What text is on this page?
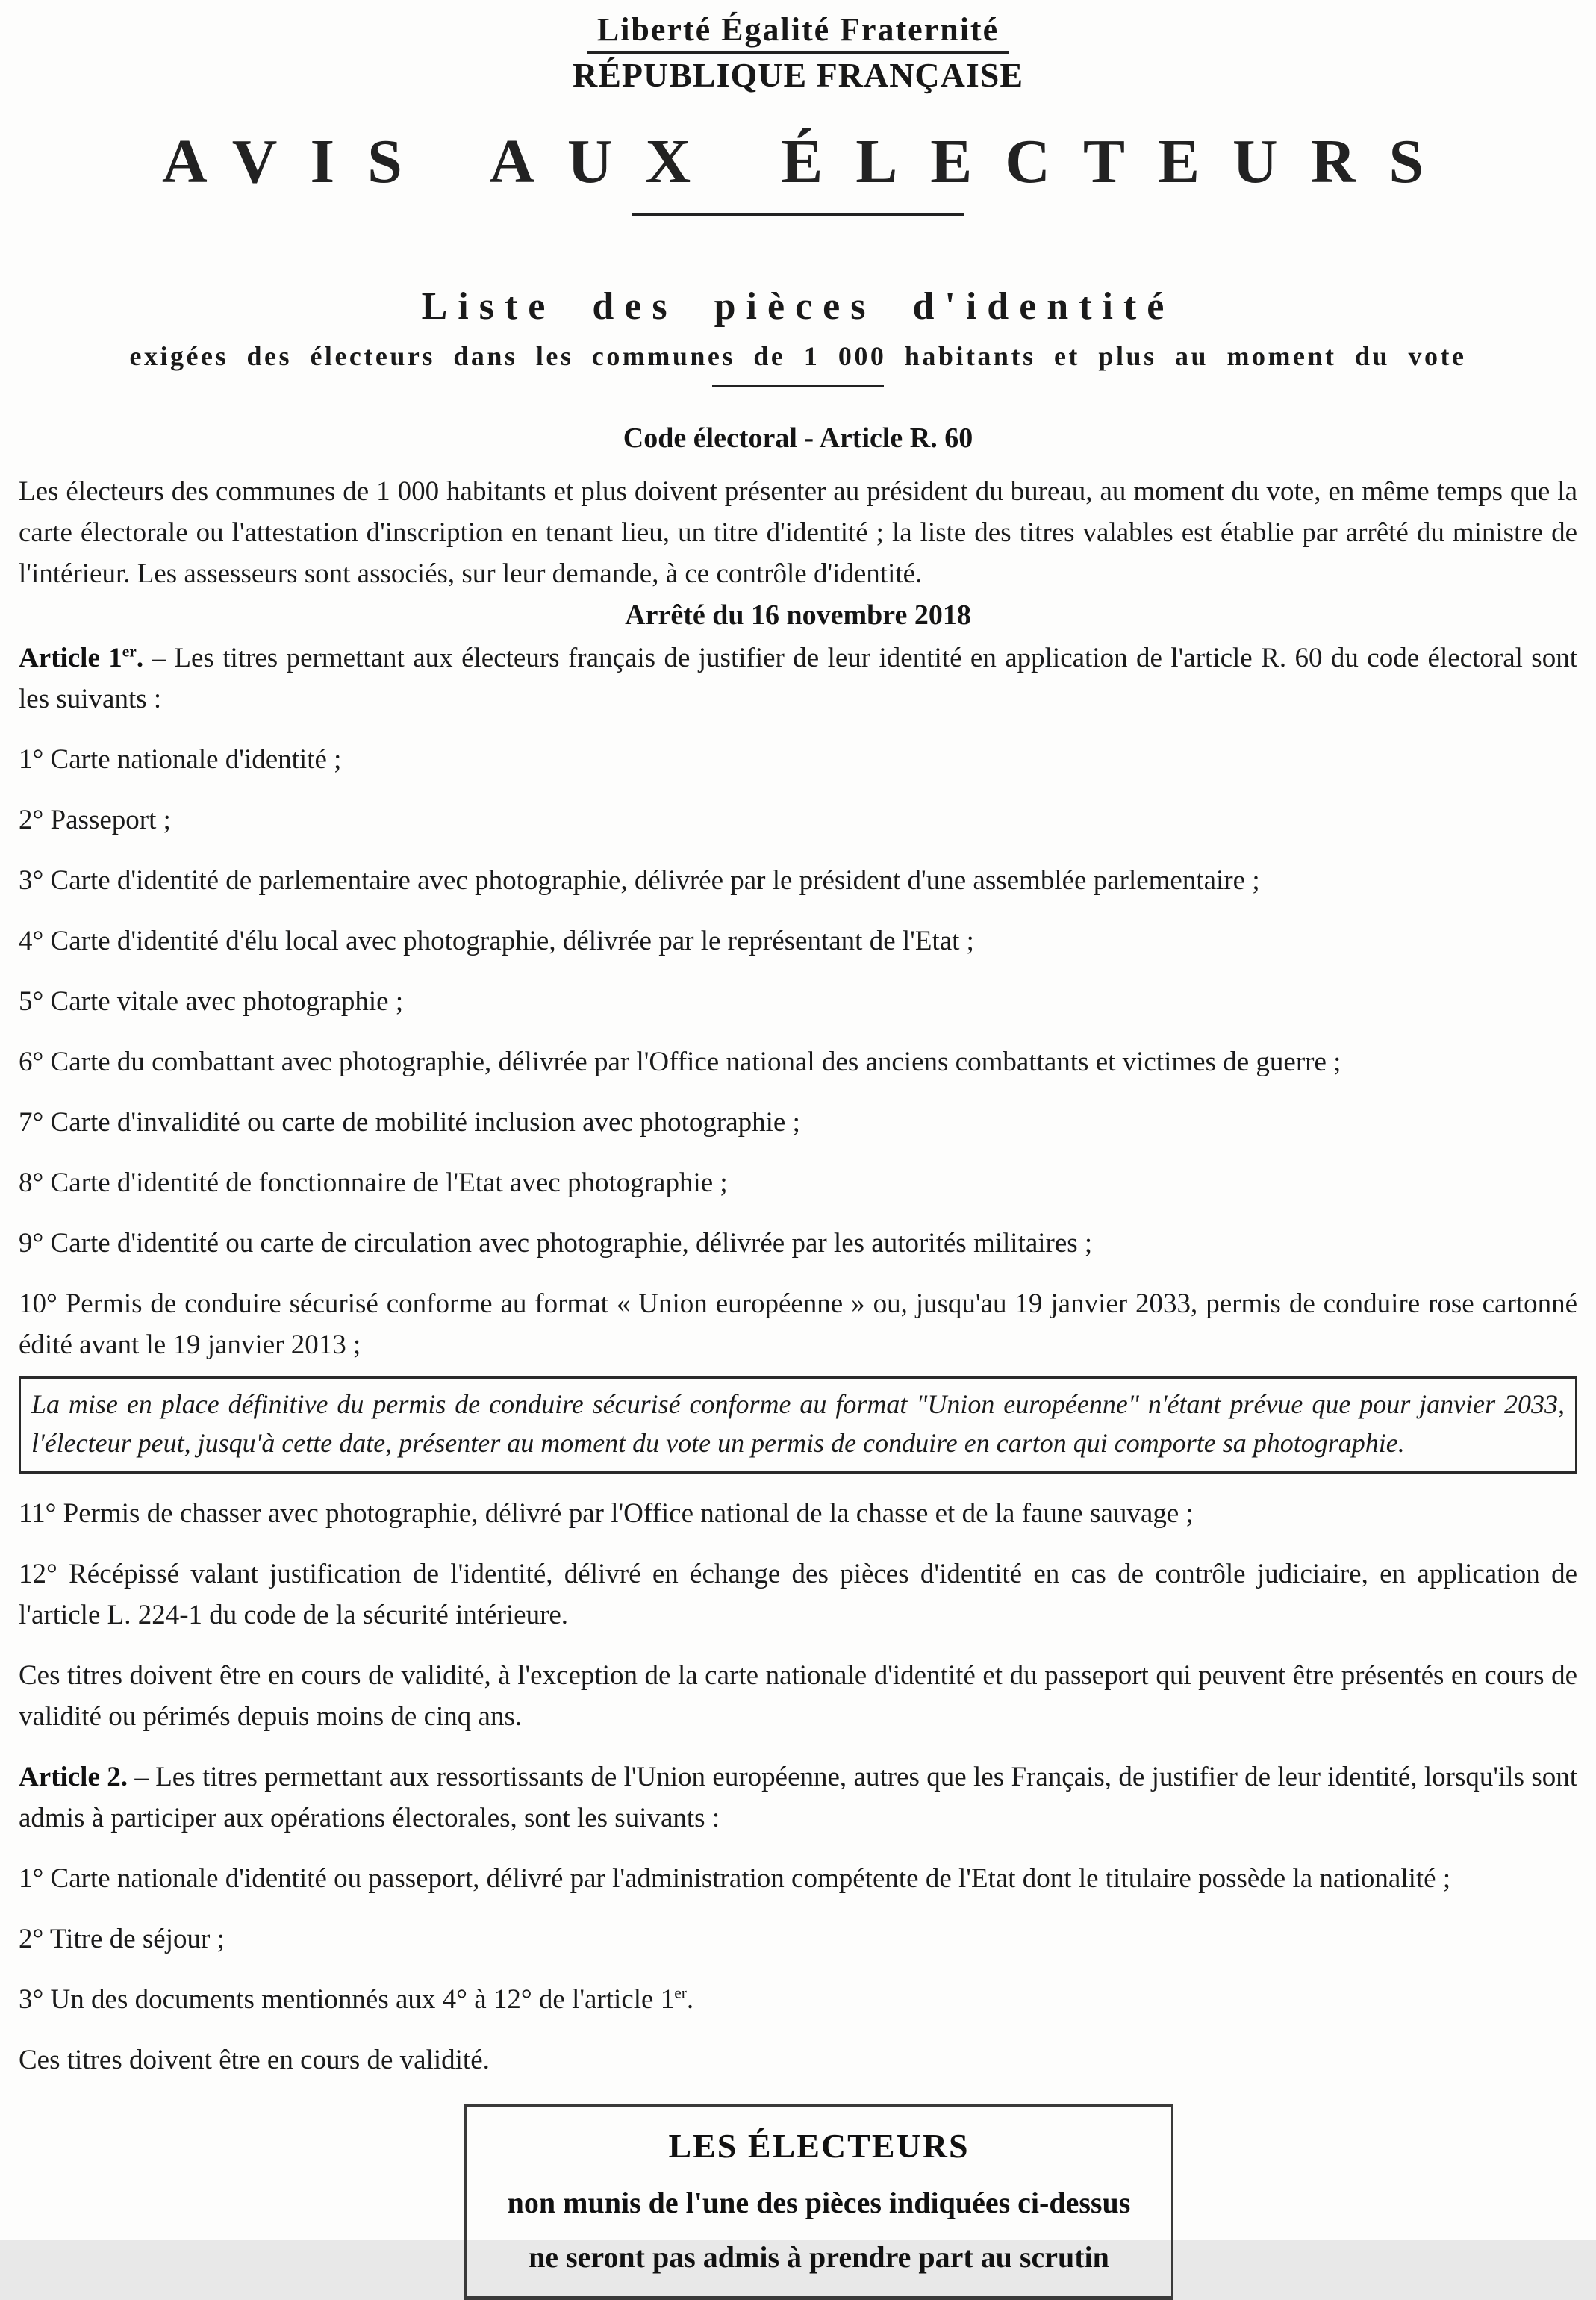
Liberté Égalité Fraternité
RÉPUBLIQUE FRANÇAISE
AVIS AUX ÉLECTEURS
Liste des pièces d'identité
exigées des électeurs dans les communes de 1 000 habitants et plus au moment du vote
Code électoral - Article R. 60

Les électeurs des communes de 1 000 habitants et plus doivent présenter au président du bureau, au moment du vote, en même temps que la carte électorale ou l'attestation d'inscription en tenant lieu, un titre d'identité ; la liste des titres valables est établie par arrêté du ministre de l'intérieur. Les assesseurs sont associés, sur leur demande, à ce contrôle d'identité.

Arrêté du 16 novembre 2018

Article 1er. – Les titres permettant aux électeurs français de justifier de leur identité en application de l'article R. 60 du code électoral sont les suivants :

1° Carte nationale d'identité ;

2° Passeport ;

3° Carte d'identité de parlementaire avec photographie, délivrée par le président d'une assemblée parlementaire ;

4° Carte d'identité d'élu local avec photographie, délivrée par le représentant de l'Etat ;

5° Carte vitale avec photographie ;

6° Carte du combattant avec photographie, délivrée par l'Office national des anciens combattants et victimes de guerre ;

7° Carte d'invalidité ou carte de mobilité inclusion avec photographie ;

8° Carte d'identité de fonctionnaire de l'Etat avec photographie ;

9° Carte d'identité ou carte de circulation avec photographie, délivrée par les autorités militaires ;

10° Permis de conduire sécurisé conforme au format « Union européenne » ou, jusqu'au 19 janvier 2033, permis de conduire rose cartonné édité avant le 19 janvier 2013 ;

La mise en place définitive du permis de conduire sécurisé conforme au format "Union européenne" n'étant prévue que pour janvier 2033, l'électeur peut, jusqu'à cette date, présenter au moment du vote un permis de conduire en carton qui comporte sa photographie.

11° Permis de chasser avec photographie, délivré par l'Office national de la chasse et de la faune sauvage ;

12° Récépissé valant justification de l'identité, délivré en échange des pièces d'identité en cas de contrôle judiciaire, en application de l'article L. 224-1 du code de la sécurité intérieure.

Ces titres doivent être en cours de validité, à l'exception de la carte nationale d'identité et du passeport qui peuvent être présentés en cours de validité ou périmés depuis moins de cinq ans.

Article 2. – Les titres permettant aux ressortissants de l'Union européenne, autres que les Français, de justifier de leur identité, lorsqu'ils sont admis à participer aux opérations électorales, sont les suivants :

1° Carte nationale d'identité ou passeport, délivré par l'administration compétente de l'Etat dont le titulaire possède la nationalité ;

2° Titre de séjour ;

3° Un des documents mentionnés aux 4° à 12° de l'article 1er.

Ces titres doivent être en cours de validité.

LES ÉLECTEURS
non munis de l'une des pièces indiquées ci-dessus
ne seront pas admis à prendre part au scrutin
